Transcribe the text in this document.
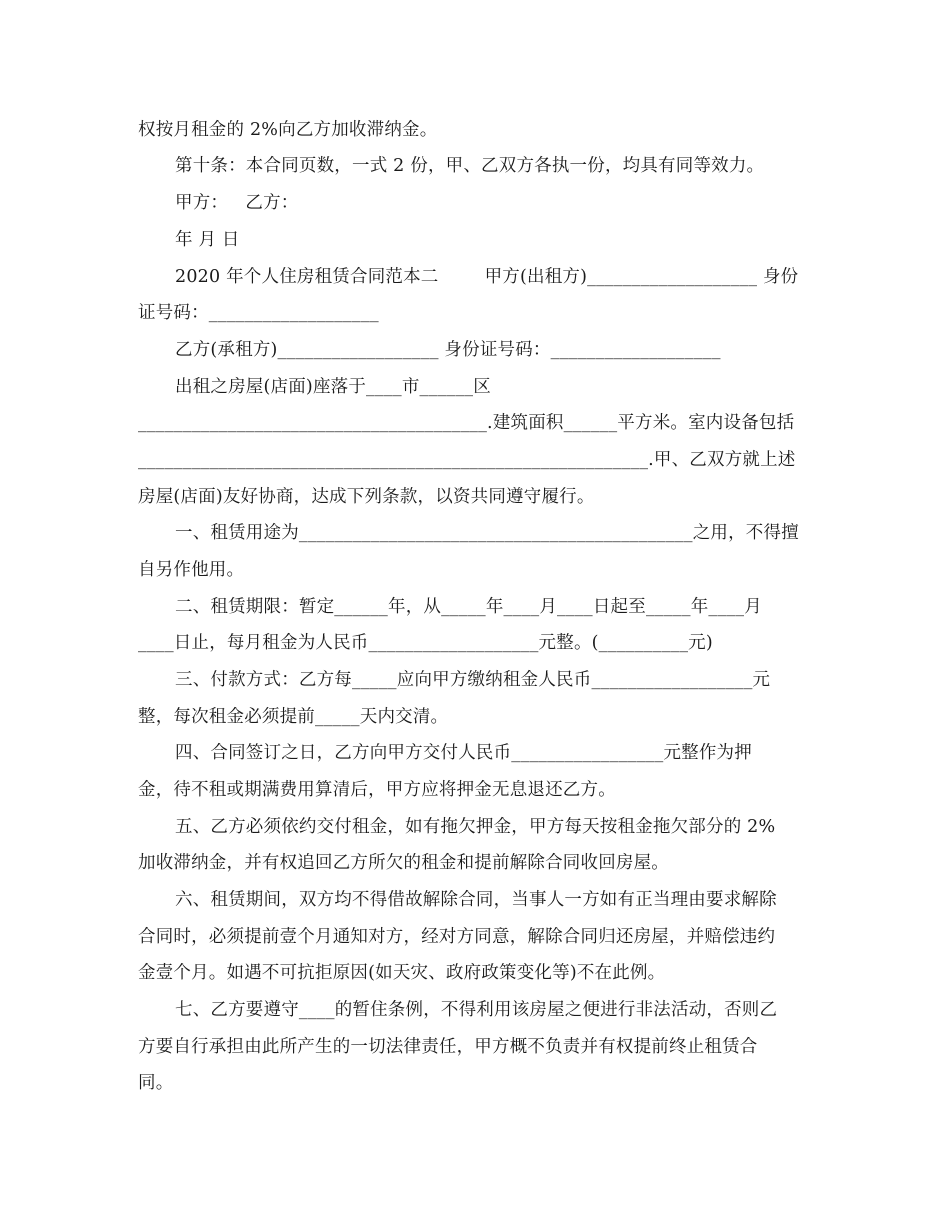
权按月租金的 2%向乙方加收滞纳金。
第十条：本合同页数，一式 2 份，甲、乙双方各执一份，均具有同等效力。
甲方：   乙方：
年 月 日
2020 年个人住房租赁合同范本二        甲方(出租方)___________________ 身份
证号码：___________________
乙方(承租方)__________________ 身份证号码：___________________
出租之房屋(店面)座落于____市______区
_______________________________________.建筑面积______平方米。室内设备包括
_________________________________________________________.甲、乙双方就上述
房屋(店面)友好协商，达成下列条款，以资共同遵守履行。
一、租赁用途为____________________________________________之用，不得擅
自另作他用。
二、租赁期限：暂定______年，从_____年____月____日起至_____年____月
____日止，每月租金为人民币___________________元整。(__________元)
三、付款方式：乙方每_____应向甲方缴纳租金人民币__________________元
整，每次租金必须提前_____天内交清。
四、合同签订之日，乙方向甲方交付人民币_________________元整作为押
金，待不租或期满费用算清后，甲方应将押金无息退还乙方。
五、乙方必须依约交付租金，如有拖欠押金，甲方每天按租金拖欠部分的 2%
加收滞纳金，并有权追回乙方所欠的租金和提前解除合同收回房屋。
六、租赁期间，双方均不得借故解除合同，当事人一方如有正当理由要求解除
合同时，必须提前壹个月通知对方，经对方同意，解除合同归还房屋，并赔偿违约
金壹个月。如遇不可抗拒原因(如天灾、政府政策变化等)不在此例。
七、乙方要遵守____的暂住条例，不得利用该房屋之便进行非法活动，否则乙
方要自行承担由此所产生的一切法律责任，甲方概不负责并有权提前终止租赁合
同。
